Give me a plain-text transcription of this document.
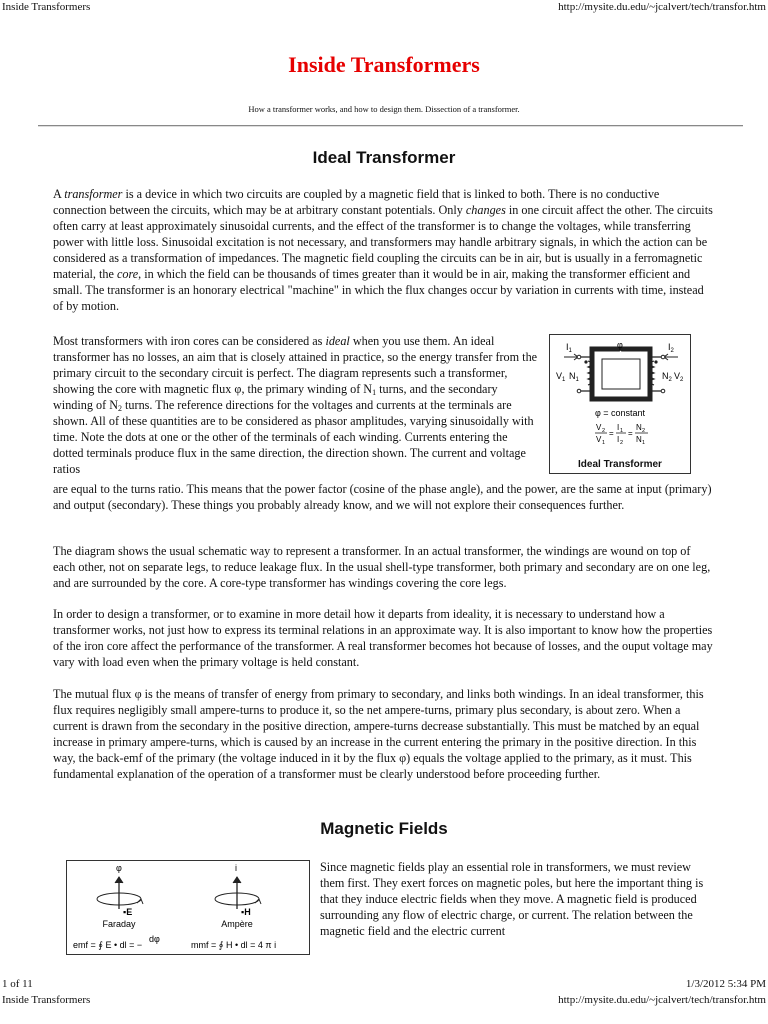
Inside Transformers	http://mysite.du.edu/~jcalvert/tech/transfor.htm
Inside Transformers
How a transformer works, and how to design them. Dissection of a transformer.
Ideal Transformer

A transformer is a device in which two circuits are coupled by a magnetic field that is linked to both. There is no conductive connection between the circuits, which may be at arbitrary constant potentials. Only changes in one circuit affect the other. The circuits often carry at least approximately sinusoidal currents, and the effect of the transformer is to change the voltages, while transferring power with little loss. Sinusoidal excitation is not necessary, and transformers may handle arbitrary signals, in which the action can be considered as a transformation of impedances. The magnetic field coupling the circuits can be in air, but is usually in a ferromagnetic material, the core, in which the field can be thousands of times greater than it would be in air, making the transformer efficient and small. The transformer is an honorary electrical "machine" in which the flux changes occur by variation in currents with time, instead of by motion.

Most transformers with iron cores can be considered as ideal when you use them. An ideal transformer has no losses, an aim that is closely attained in practice, so the energy transfer from the primary circuit to the secondary circuit is perfect. The diagram represents such a transformer, showing the core with magnetic flux φ, the primary winding of $N_1$ turns, and the secondary winding of $N_2$ turns. The reference directions for the voltages and currents at the terminals are shown. All of these quantities are to be considered as phasor amplitudes, varying sinusoidally with time. Note the dots at one or the other of the terminals of each winding. Currents entering the dotted terminals produce flux in the same direction, the direction shown. The current and voltage ratios

are equal to the turns ratio. This means that the power factor (cosine of the phase angle), and the power, are the same at input (primary) and output (secondary). These things you probably already know, and we will not explore their consequences further.

$I_1$	$I_2$
$V_1$	$V_2$
$N_1$	$N_2$
φ
φ = constant
V 2
V 1
=
I 1
I 2
=
N 2
N 1
Ideal Transformer

The diagram shows the usual schematic way to represent a transformer. In an actual transformer, the windings are wound on top of each other, not on separate legs, to reduce leakage flux. In the usual shell-type transformer, both primary and secondary are on one leg, and are surrounded by the core. A core-type transformer has windings covering the core legs.

In order to design a transformer, or to examine in more detail how it departs from ideality, it is necessary to understand how a transformer works, not just how to express its terminal relations in an approximate way. It is also important to know how the properties of the iron core affect the performance of the transformer. A real transformer becomes hot because of losses, and the ouput voltage may vary with load even when the primary voltage is held constant.

The mutual flux φ is the means of transfer of energy from primary to secondary, and links both windings. In an ideal transformer, this flux requires negligibly small ampere-turns to produce it, so the net ampere-turns, primary plus secondary, is about zero. When a current is drawn from the secondary in the positive direction, ampere-turns decrease substantially. This must be matched by an equal increase in primary ampere-turns, which is caused by an increase in the current entering the primary in the positive direction. In this way, the back-emf of the primary (the voltage induced in it by the flux φ) equals the voltage applied to the primary, as it must. This fundamental explanation of the operation of a transformer must be clearly understood before proceeding further.

Magnetic Fields
φ
▪E
Faraday
emf = ∮ E • dl = −
dφ
i
▪H
Ampère
mmf = ∮ H • dl = 4 π i

Since magnetic fields play an essential role in transformers, we must review them first. They exert forces on magnetic poles, but here the important thing is that they induce electric fields when they move. A magnetic field is produced surrounding any flow of electric charge, or current. The relation between the magnetic field and the electric current

1 of 11	1/3/2012 5:34 PM
Inside Transformers	http://mysite.du.edu/~jcalvert/tech/transfor.htm
